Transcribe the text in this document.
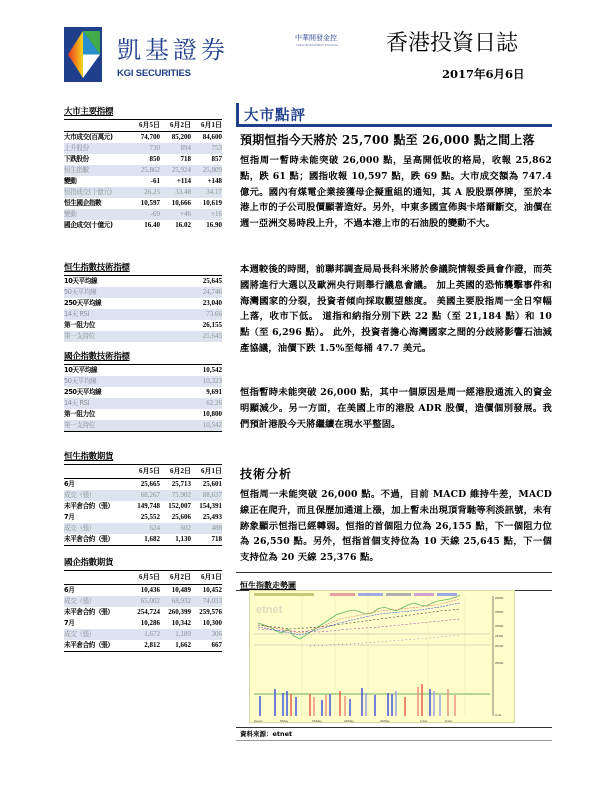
凱基證券
KGI SECURITIES
中華開發金控
CHINA DEVELOPMENT FINANCIAL 香港投資日誌
2017年6月6日
大市主要指標
6月5日	6月2日	6月1日
大市成交(百萬元)	74,700	85,200	84,600
上升股份	730	894	753
下跌股份	850	718	857
恒生指數	25,862	25,924	25,809
變動	-61	+114	+148
恒指成交(十億元)	26.25	33.48	34.17
恒生國企指數	10,597	10,666	10,619
變動	-69	+46	+16
國企成交(十億元)	16.40	16.02	16.90
恒生指數技術指標
10天平均線	25,645
50天平均線	24,746
250天平均線	23,040
14天 RSI	73.66
第一阻力位	26,155
第一支持位	25,645
國企指數技術指標
10天平均線	10,542
50天平均線	10,323
250天平均線	9,691
14天 RSI	62.26
第一阻力位	10,800
第一支持位	10,542
恒生指數期貨
6月5日	6月2日	6月1日
6月	25,665	25,713	25,601
成交（張）	68,267	75,902	88,637
未平倉合約（張）	149,748	152,007	154,391
7月	25,552	25,606	25,493
成交（張）	624	602	488
未平倉合約（張）	1,682	1,130	718
國企指數期貨
6月5日	6月2日	6月1日
6月	10,436	10,489	10,452
成交（張）	65,002	68,932	74,033
未平倉合約（張）	254,724	260,399	259,576
7月	10,286	10,342	10,300
成交（張）	1,672	1,189	306
未平倉合約（張）	2,812	1,662	667
大市點評
預期恒指今天將於 25,700 點至 26,000 點之間上落
恒指周一暫時未能突破 26,000 點，呈高開低收的格局，收報 25,862 點，跌 61 點；國指收報 10,597 點，跌 69 點。大市成交額為 747.4 億元。國內有煤電企業接獲母企擬重組的通知，其 A 股股票停牌，至於本港上市的子公司股價顯著造好。另外，中東多國宣佈與卡塔爾斷交，油價在週一亞洲交易時段上升，不過本港上市的石油股的變動不大。
本週較後的時間，前聯邦調查局局長科米將於參議院情報委員會作證，而英國將進行大選以及歐洲央行則舉行議息會議。 加上英國的恐怖襲擊事件和海灣國家的分裂，投資者傾向採取觀望態度。 美國主要股指周一全日窄幅上落，收市下低。 道指和納指分別下跌 22 點（至 21,184 點）和 10 點（至 6,296 點）。 此外，投資者擔心海灣國家之間的分歧將影響石油減產協議，油價下跌 1.5%至每桶 47.7 美元。
恒指暫時未能突破 26,000 點，其中一個原因是周一經港股通流入的資金明顯減少。另一方面，在美國上市的港股 ADR 股價，造價個別發展。我們預計港股今天將繼續在現水平整固。
技術分析
恒指周一未能突破 26,000 點。不過，目前 MACD 維持牛差，MACD 線正在爬升，而且保歷加通道上漲，加上暫未出現頂背馳等利淡訊號，未有跡象顯示恒指已經轉弱。恒指的首個阻力位為 26,155 點，下一個阻力位為 26,550 點。另外，恒指首個支持位為 10 天線 25,645 點，下一個支持位為 20 天線 25,376 點。
恒生指數走勢圖
etnet
26000
25800
25600
25400
25200
25000
Cnts
Series	5/May	15/May	22/May	29/May	1/Jun	6/Jun
資料來源：etnet
